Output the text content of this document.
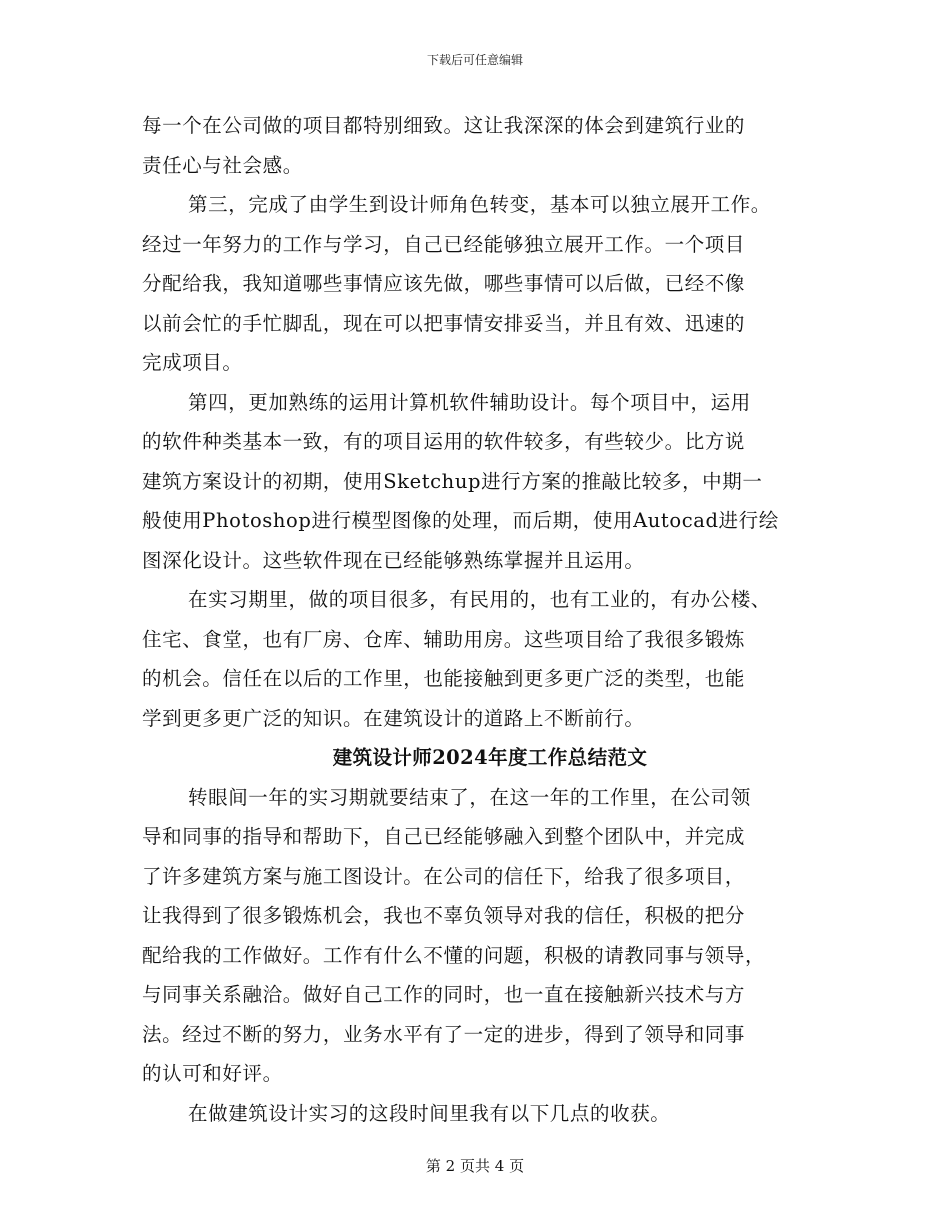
下载后可任意编辑
每一个在公司做的项目都特别细致。这让我深深的体会到建筑行业的
责任心与社会感。
第三，完成了由学生到设计师角色转变，基本可以独立展开工作。
经过一年努力的工作与学习，自己已经能够独立展开工作。一个项目
分配给我，我知道哪些事情应该先做，哪些事情可以后做，已经不像
以前会忙的手忙脚乱，现在可以把事情安排妥当，并且有效、迅速的
完成项目。
第四，更加熟练的运用计算机软件辅助设计。每个项目中，运用
的软件种类基本一致，有的项目运用的软件较多，有些较少。比方说
建筑方案设计的初期，使用Sketchup进行方案的推敲比较多，中期一
般使用Photoshop进行模型图像的处理，而后期，使用Autocad进行绘
图深化设计。这些软件现在已经能够熟练掌握并且运用。
在实习期里，做的项目很多，有民用的，也有工业的，有办公楼、
住宅、食堂，也有厂房、仓库、辅助用房。这些项目给了我很多锻炼
的机会。信任在以后的工作里，也能接触到更多更广泛的类型，也能
学到更多更广泛的知识。在建筑设计的道路上不断前行。
建筑设计师2024年度工作总结范文
转眼间一年的实习期就要结束了，在这一年的工作里，在公司领
导和同事的指导和帮助下，自己已经能够融入到整个团队中，并完成
了许多建筑方案与施工图设计。在公司的信任下，给我了很多项目，
让我得到了很多锻炼机会，我也不辜负领导对我的信任，积极的把分
配给我的工作做好。工作有什么不懂的问题，积极的请教同事与领导，
与同事关系融洽。做好自己工作的同时，也一直在接触新兴技术与方
法。经过不断的努力，业务水平有了一定的进步，得到了领导和同事
的认可和好评。
在做建筑设计实习的这段时间里我有以下几点的收获。
第 2 页共 4 页
